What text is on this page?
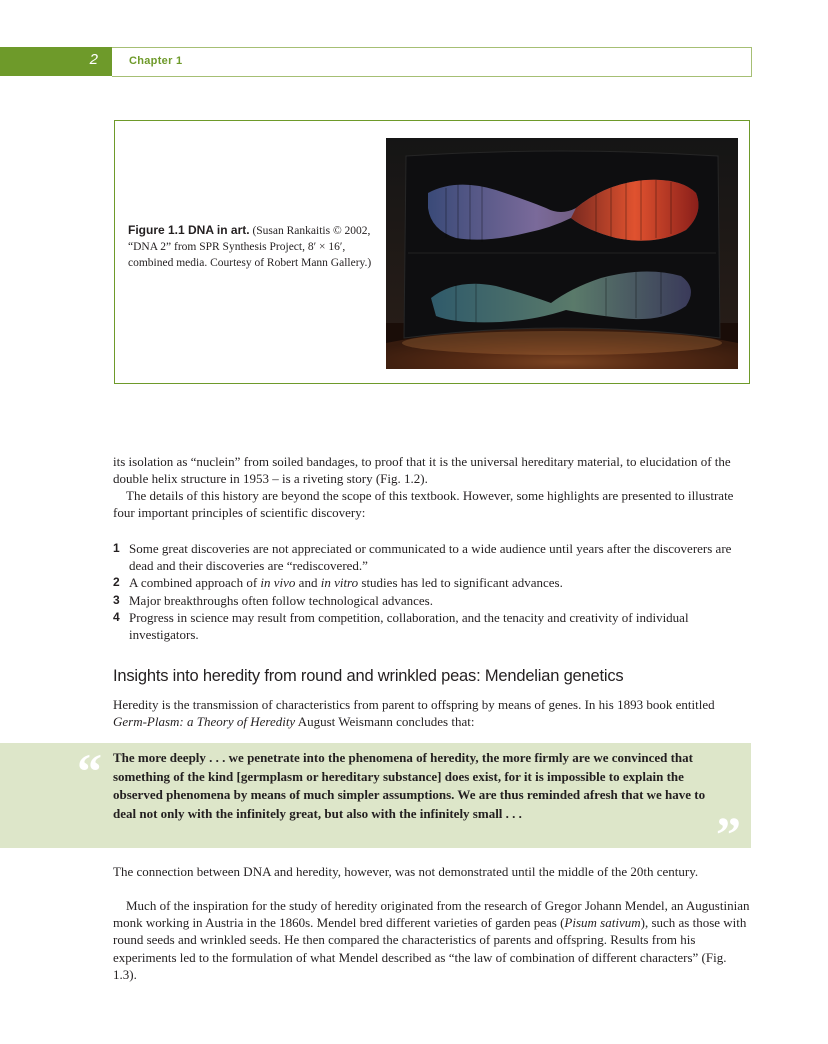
2	Chapter 1
Figure 1.1 DNA in art. (Susan Rankaitis © 2002, “DNA 2” from SPR Synthesis Project, 8′ × 16′, combined media. Courtesy of Robert Mann Gallery.)

its isolation as “nuclein” from soiled bandages, to proof that it is the universal hereditary material, to elucidation of the double helix structure in 1953 – is a riveting story (Fig. 1.2).

The details of this history are beyond the scope of this textbook. However, some highlights are presented to illustrate four important principles of scientific discovery:

1 Some great discoveries are not appreciated or communicated to a wide audience until years after the discoverers are dead and their discoveries are “rediscovered.”
2 A combined approach of in vivo and in vitro studies has led to significant advances.
3 Major breakthroughs often follow technological advances.
4 Progress in science may result from competition, collaboration, and the tenacity and creativity of individual investigators.
Insights into heredity from round and wrinkled peas: Mendelian genetics

Heredity is the transmission of characteristics from parent to offspring by means of genes. In his 1893 book entitled Germ-Plasm: a Theory of Heredity August Weismann concludes that:

“ The more deeply . . . we penetrate into the phenomena of heredity, the more firmly are we convinced that something of the kind [germplasm or hereditary substance] does exist, for it is impossible to explain the observed phenomena by means of much simpler assumptions. We are thus reminded afresh that we have to deal not only with the infinitely great, but also with the infinitely small . . .	”

The connection between DNA and heredity, however, was not demonstrated until the middle of the 20th century.

Much of the inspiration for the study of heredity originated from the research of Gregor Johann Mendel, an Augustinian monk working in Austria in the 1860s. Mendel bred different varieties of garden peas (Pisum sativum), such as those with round seeds and wrinkled seeds. He then compared the characteristics of parents and offspring. Results from his experiments led to the formulation of what Mendel described as “the law of combination of different characters” (Fig. 1.3).
